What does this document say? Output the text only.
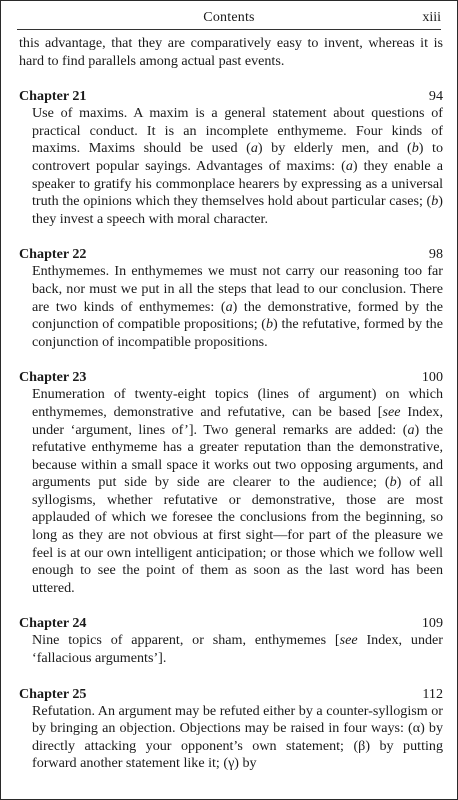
Contents	xiii

this advantage, that they are comparatively easy to invent, whereas it is hard to find parallels among actual past events.

Chapter 21	94

Use of maxims. A maxim is a general statement about questions of practical conduct. It is an incomplete enthymeme. Four kinds of maxims. Maxims should be used (a) by elderly men, and (b) to controvert popular sayings. Advantages of maxims: (a) they enable a speaker to gratify his commonplace hearers by expressing as a universal truth the opinions which they themselves hold about particular cases; (b) they invest a speech with moral character.

Chapter 22	98

Enthymemes. In enthymemes we must not carry our reasoning too far back, nor must we put in all the steps that lead to our conclusion. There are two kinds of enthymemes: (a) the demonstrative, formed by the conjunction of compatible propositions; (b) the refutative, formed by the conjunction of incompatible propositions.

Chapter 23	100

Enumeration of twenty-eight topics (lines of argument) on which enthymemes, demonstrative and refutative, can be based [see Index, under ‘argument, lines of’]. Two general remarks are added: (a) the refutative enthymeme has a greater reputation than the demonstrative, because within a small space it works out two opposing arguments, and arguments put side by side are clearer to the audience; (b) of all syllogisms, whether refutative or demonstrative, those are most applauded of which we foresee the conclusions from the beginning, so long as they are not obvious at first sight—for part of the pleasure we feel is at our own intelligent anticipation; or those which we follow well enough to see the point of them as soon as the last word has been uttered.

Chapter 24	109

Nine topics of apparent, or sham, enthymemes [see Index, under ‘fallacious arguments’].

Chapter 25	112

Refutation. An argument may be refuted either by a counter-syllogism or by bringing an objection. Objections may be raised in four ways: (α) by directly attacking your opponent’s own statement; (β) by putting forward another statement like it; (γ) by
